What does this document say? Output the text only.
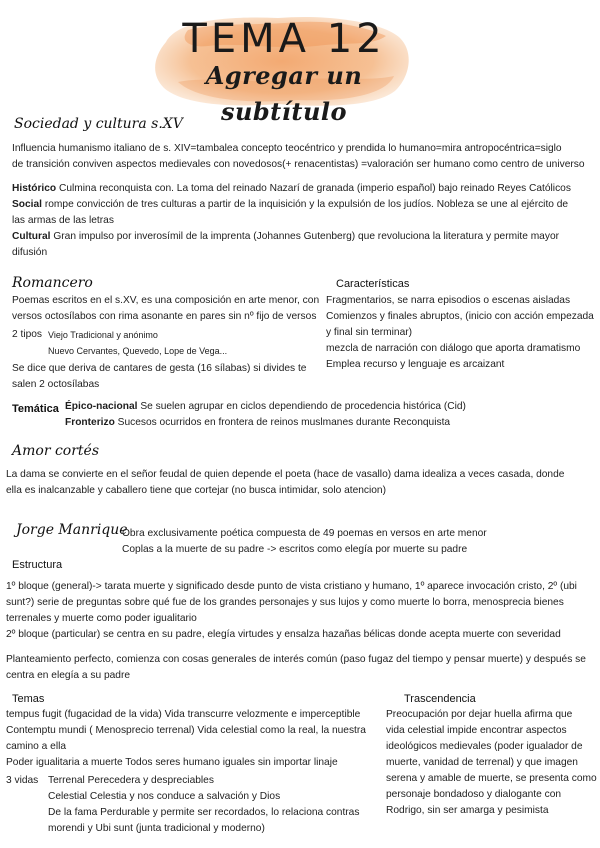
TEMA 12
Agregar un subtítulo
Sociedad y cultura s.XV
Influencia humanismo italiano de s. XIV=tambalea concepto teocéntrico y prendida lo humano=mira antropocéntrica=siglo
de transición conviven aspectos medievales con novedosos(+ renacentistas) =valoración ser humano como centro de universo
Histórico Culmina reconquista con. La toma del reinado Nazarí de granada (imperio español) bajo reinado Reyes Católicos
Social rompe convicción de tres culturas a partir de la inquisición y la expulsión de los judíos. Nobleza se une al ejército de
las armas de las letras
Cultural Gran impulso por inverosímil de la imprenta (Johannes Gutenberg) que revoluciona la literatura y permite mayor
difusión
Romancero
Poemas escritos en el s.XV, es una composición en arte menor, con
versos octosílabos con rima asonante en pares sin nº fijo de versos
2 tipos Viejo Tradicional y anónimo
Nuevo Cervantes, Quevedo, Lope de Vega...
Se dice que deriva de cantares de gesta (16 sílabas) si divides te
salen 2 octosílabas
Características
Fragmentarios, se narra episodios o escenas aisladas
Comienzos y finales abruptos, (inicio con acción empezada
y final sin terminar)
mezcla de narración con diálogo que aporta dramatismo
Emplea recurso y lenguaje es arcaizant
Temática Épico-nacional Se suelen agrupar en ciclos dependiendo de procedencia histórica (Cid)
Fronterizo Sucesos ocurridos en frontera de reinos muslmanes durante Reconquista
Amor cortés
La dama se convierte en el señor feudal de quien depende el poeta (hace de vasallo) dama idealiza a veces casada, donde
ella es inalcanzable y caballero tiene que cortejar (no busca intimidar, solo atencion)
Jorge Manrique
Obra exclusivamente poética compuesta de 49 poemas en versos en arte menor
Coplas a la muerte de su padre -> escritos como elegía por muerte su padre
Estructura
1º bloque (general)-> tarata muerte y significado desde punto de vista cristiano y humano, 1º aparece invocación cristo, 2º (ubi
sunt?) serie de preguntas sobre qué fue de los grandes personajes y sus lujos y como muerte lo borra, menosprecia bienes
terrenales y muerte como poder igualitario
2º bloque (particular) se centra en su padre, elegía virtudes y ensalza hazañas bélicas donde acepta muerte con severidad
Planteamiento perfecto, comienza con cosas generales de interés común (paso fugaz del tiempo y pensar muerte) y después se
centra en elegía a su padre
Temas
tempus fugit (fugacidad de la vida) Vida transcurre velozmente e imperceptible
Contemptu mundi ( Menosprecio terrenal) Vida celestial como la real, la nuestra
camino a ella
Poder igualitaria a muerte Todos seres humano iguales sin importar linaje
3 vidas Terrenal Perecedera y despreciables
Celestial Celestia y nos conduce a salvación y Dios
De la fama Perdurable y permite ser recordados, lo relaciona contras
morendi y Ubi sunt (junta tradicional y moderno)
Trascendencia
Preocupación por dejar huella afirma que
vida celestial impide encontrar aspectos
ideológicos medievales (poder igualador de
muerte, vanidad de terrenal) y que imagen
serena y amable de muerte, se presenta como
personaje bondadoso y dialogante con
Rodrigo, sin ser amarga y pesimista
